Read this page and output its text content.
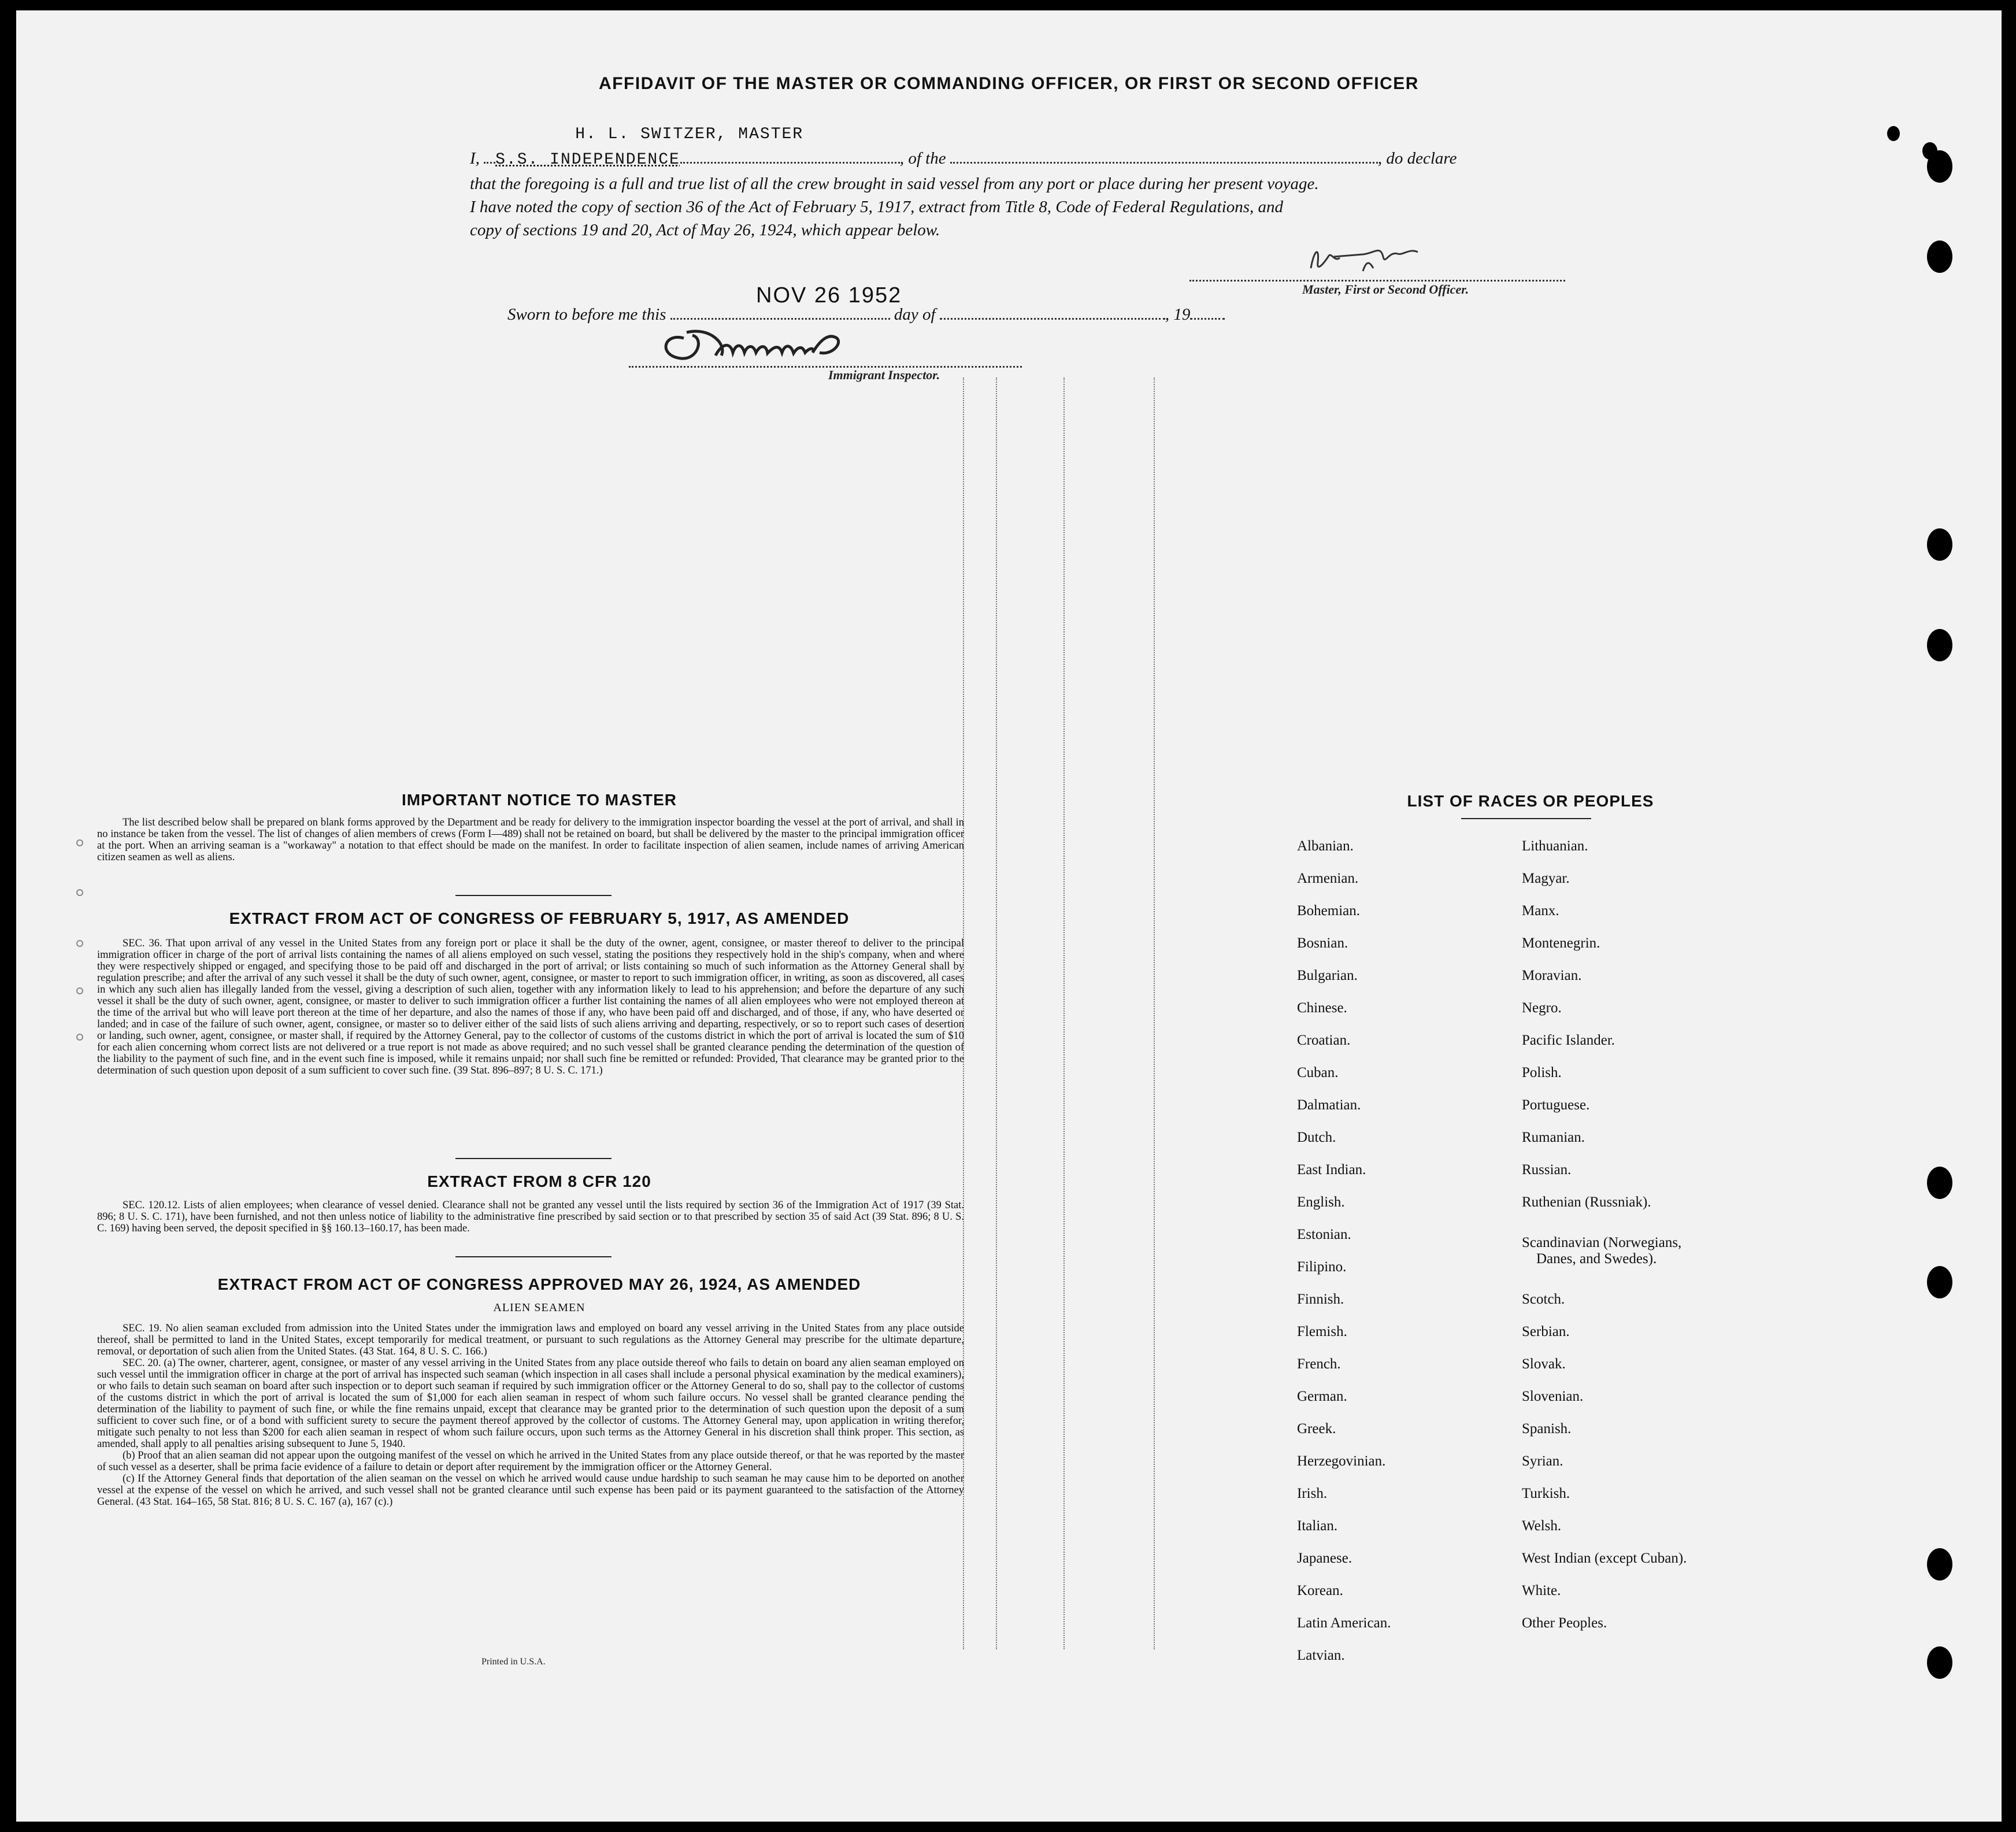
AFFIDAVIT OF THE MASTER OR COMMANDING OFFICER, OR FIRST OR SECOND OFFICER
H. L. SWITZER, MASTER
I, S.S. INDEPENDENCE	, of the	, do declare
that the foregoing is a full and true list of all the crew brought in said vessel from any port or place during her present voyage.
I have noted the copy of section 36 of the Act of February 5, 1917, extract from Title 8, Code of Federal Regulations, and
copy of sections 19 and 20, Act of May 26, 1924, which appear below.
Master, First or Second Officer.
NOV 26 1952
Sworn to before me this	day of	, 19
Immigrant Inspector.
IMPORTANT NOTICE TO MASTER

The list described below shall be prepared on blank forms approved by the Department and be ready for delivery to the immigration inspector boarding the vessel at the port of arrival, and shall in no instance be taken from the vessel. The list of changes of alien members of crews (Form I—489) shall not be retained on board, but shall be delivered by the master to the principal immigration officer at the port. When an arriving seaman is a "workaway" a notation to that effect should be made on the manifest. In order to facilitate inspection of alien seamen, include names of arriving American citizen seamen as well as aliens.

EXTRACT FROM ACT OF CONGRESS OF FEBRUARY 5, 1917, AS AMENDED

SEC. 36. That upon arrival of any vessel in the United States from any foreign port or place it shall be the duty of the owner, agent, consignee, or master thereof to deliver to the principal immigration officer in charge of the port of arrival lists containing the names of all aliens employed on such vessel, stating the positions they respectively hold in the ship's company, when and where they were respectively shipped or engaged, and specifying those to be paid off and discharged in the port of arrival; or lists containing so much of such information as the Attorney General shall by regulation prescribe; and after the arrival of any such vessel it shall be the duty of such owner, agent, consignee, or master to report to such immigration officer, in writing, as soon as discovered, all cases in which any such alien has illegally landed from the vessel, giving a description of such alien, together with any information likely to lead to his apprehension; and before the departure of any such vessel it shall be the duty of such owner, agent, consignee, or master to deliver to such immigration officer a further list containing the names of all alien employees who were not employed thereon at the time of the arrival but who will leave port thereon at the time of her departure, and also the names of those if any, who have been paid off and discharged, and of those, if any, who have deserted or landed; and in case of the failure of such owner, agent, consignee, or master so to deliver either of the said lists of such aliens arriving and departing, respectively, or so to report such cases of desertion or landing, such owner, agent, consignee, or master shall, if required by the Attorney General, pay to the collector of customs of the customs district in which the port of arrival is located the sum of $10 for each alien concerning whom correct lists are not delivered or a true report is not made as above required; and no such vessel shall be granted clearance pending the determination of the question of the liability to the payment of such fine, and in the event such fine is imposed, while it remains unpaid; nor shall such fine be remitted or refunded: Provided, That clearance may be granted prior to the determination of such question upon deposit of a sum sufficient to cover such fine. (39 Stat. 896–897; 8 U. S. C. 171.)

EXTRACT FROM 8 CFR 120

SEC. 120.12. Lists of alien employees; when clearance of vessel denied. Clearance shall not be granted any vessel until the lists required by section 36 of the Immigration Act of 1917 (39 Stat. 896; 8 U. S. C. 171), have been furnished, and not then unless notice of liability to the administrative fine prescribed by said section or to that prescribed by section 35 of said Act (39 Stat. 896; 8 U. S. C. 169) having been served, the deposit specified in §§ 160.13–160.17, has been made.

EXTRACT FROM ACT OF CONGRESS APPROVED MAY 26, 1924, AS AMENDED
ALIEN SEAMEN

SEC. 19. No alien seaman excluded from admission into the United States under the immigration laws and employed on board any vessel arriving in the United States from any place outside thereof, shall be permitted to land in the United States, except temporarily for medical treatment, or pursuant to such regulations as the Attorney General may prescribe for the ultimate departure, removal, or deportation of such alien from the United States. (43 Stat. 164, 8 U. S. C. 166.)

SEC. 20. (a) The owner, charterer, agent, consignee, or master of any vessel arriving in the United States from any place outside thereof who fails to detain on board any alien seaman employed on such vessel until the immigration officer in charge at the port of arrival has inspected such seaman (which inspection in all cases shall include a personal physical examination by the medical examiners), or who fails to detain such seaman on board after such inspection or to deport such seaman if required by such immigration officer or the Attorney General to do so, shall pay to the collector of customs of the customs district in which the port of arrival is located the sum of $1,000 for each alien seaman in respect of whom such failure occurs. No vessel shall be granted clearance pending the determination of the liability to payment of such fine, or while the fine remains unpaid, except that clearance may be granted prior to the determination of such question upon the deposit of a sum sufficient to cover such fine, or of a bond with sufficient surety to secure the payment thereof approved by the collector of customs. The Attorney General may, upon application in writing therefor, mitigate such penalty to not less than $200 for each alien seaman in respect of whom such failure occurs, upon such terms as the Attorney General in his discretion shall think proper. This section, as amended, shall apply to all penalties arising subsequent to June 5, 1940.

(b) Proof that an alien seaman did not appear upon the outgoing manifest of the vessel on which he arrived in the United States from any place outside thereof, or that he was reported by the master of such vessel as a deserter, shall be prima facie evidence of a failure to detain or deport after requirement by the immigration officer or the Attorney General.

(c) If the Attorney General finds that deportation of the alien seaman on the vessel on which he arrived would cause undue hardship to such seaman he may cause him to be deported on another vessel at the expense of the vessel on which he arrived, and such vessel shall not be granted clearance until such expense has been paid or its payment guaranteed to the satisfaction of the Attorney General. (43 Stat. 164–165, 58 Stat. 816; 8 U. S. C. 167 (a), 167 (c).)

Printed in U.S.A.
LIST OF RACES OR PEOPLES
Albanian.
Armenian.
Bohemian.
Bosnian.
Bulgarian.
Chinese.
Croatian.
Cuban.
Dalmatian.
Dutch.
East Indian.
English.
Estonian.
Filipino.
Finnish.
Flemish.
French.
German.
Greek.
Herzegovinian.
Irish.
Italian.
Japanese.
Korean.
Latin American.
Latvian.
Lithuanian.
Magyar.
Manx.
Montenegrin.
Moravian.
Negro.
Pacific Islander.
Polish.
Portuguese.
Rumanian.
Russian.
Ruthenian (Russniak).
Scandinavian (Norwegians,
Danes, and Swedes).
Scotch.
Serbian.
Slovak.
Slovenian.
Spanish.
Syrian.
Turkish.
Welsh.
West Indian (except Cuban).
White.
Other Peoples.
